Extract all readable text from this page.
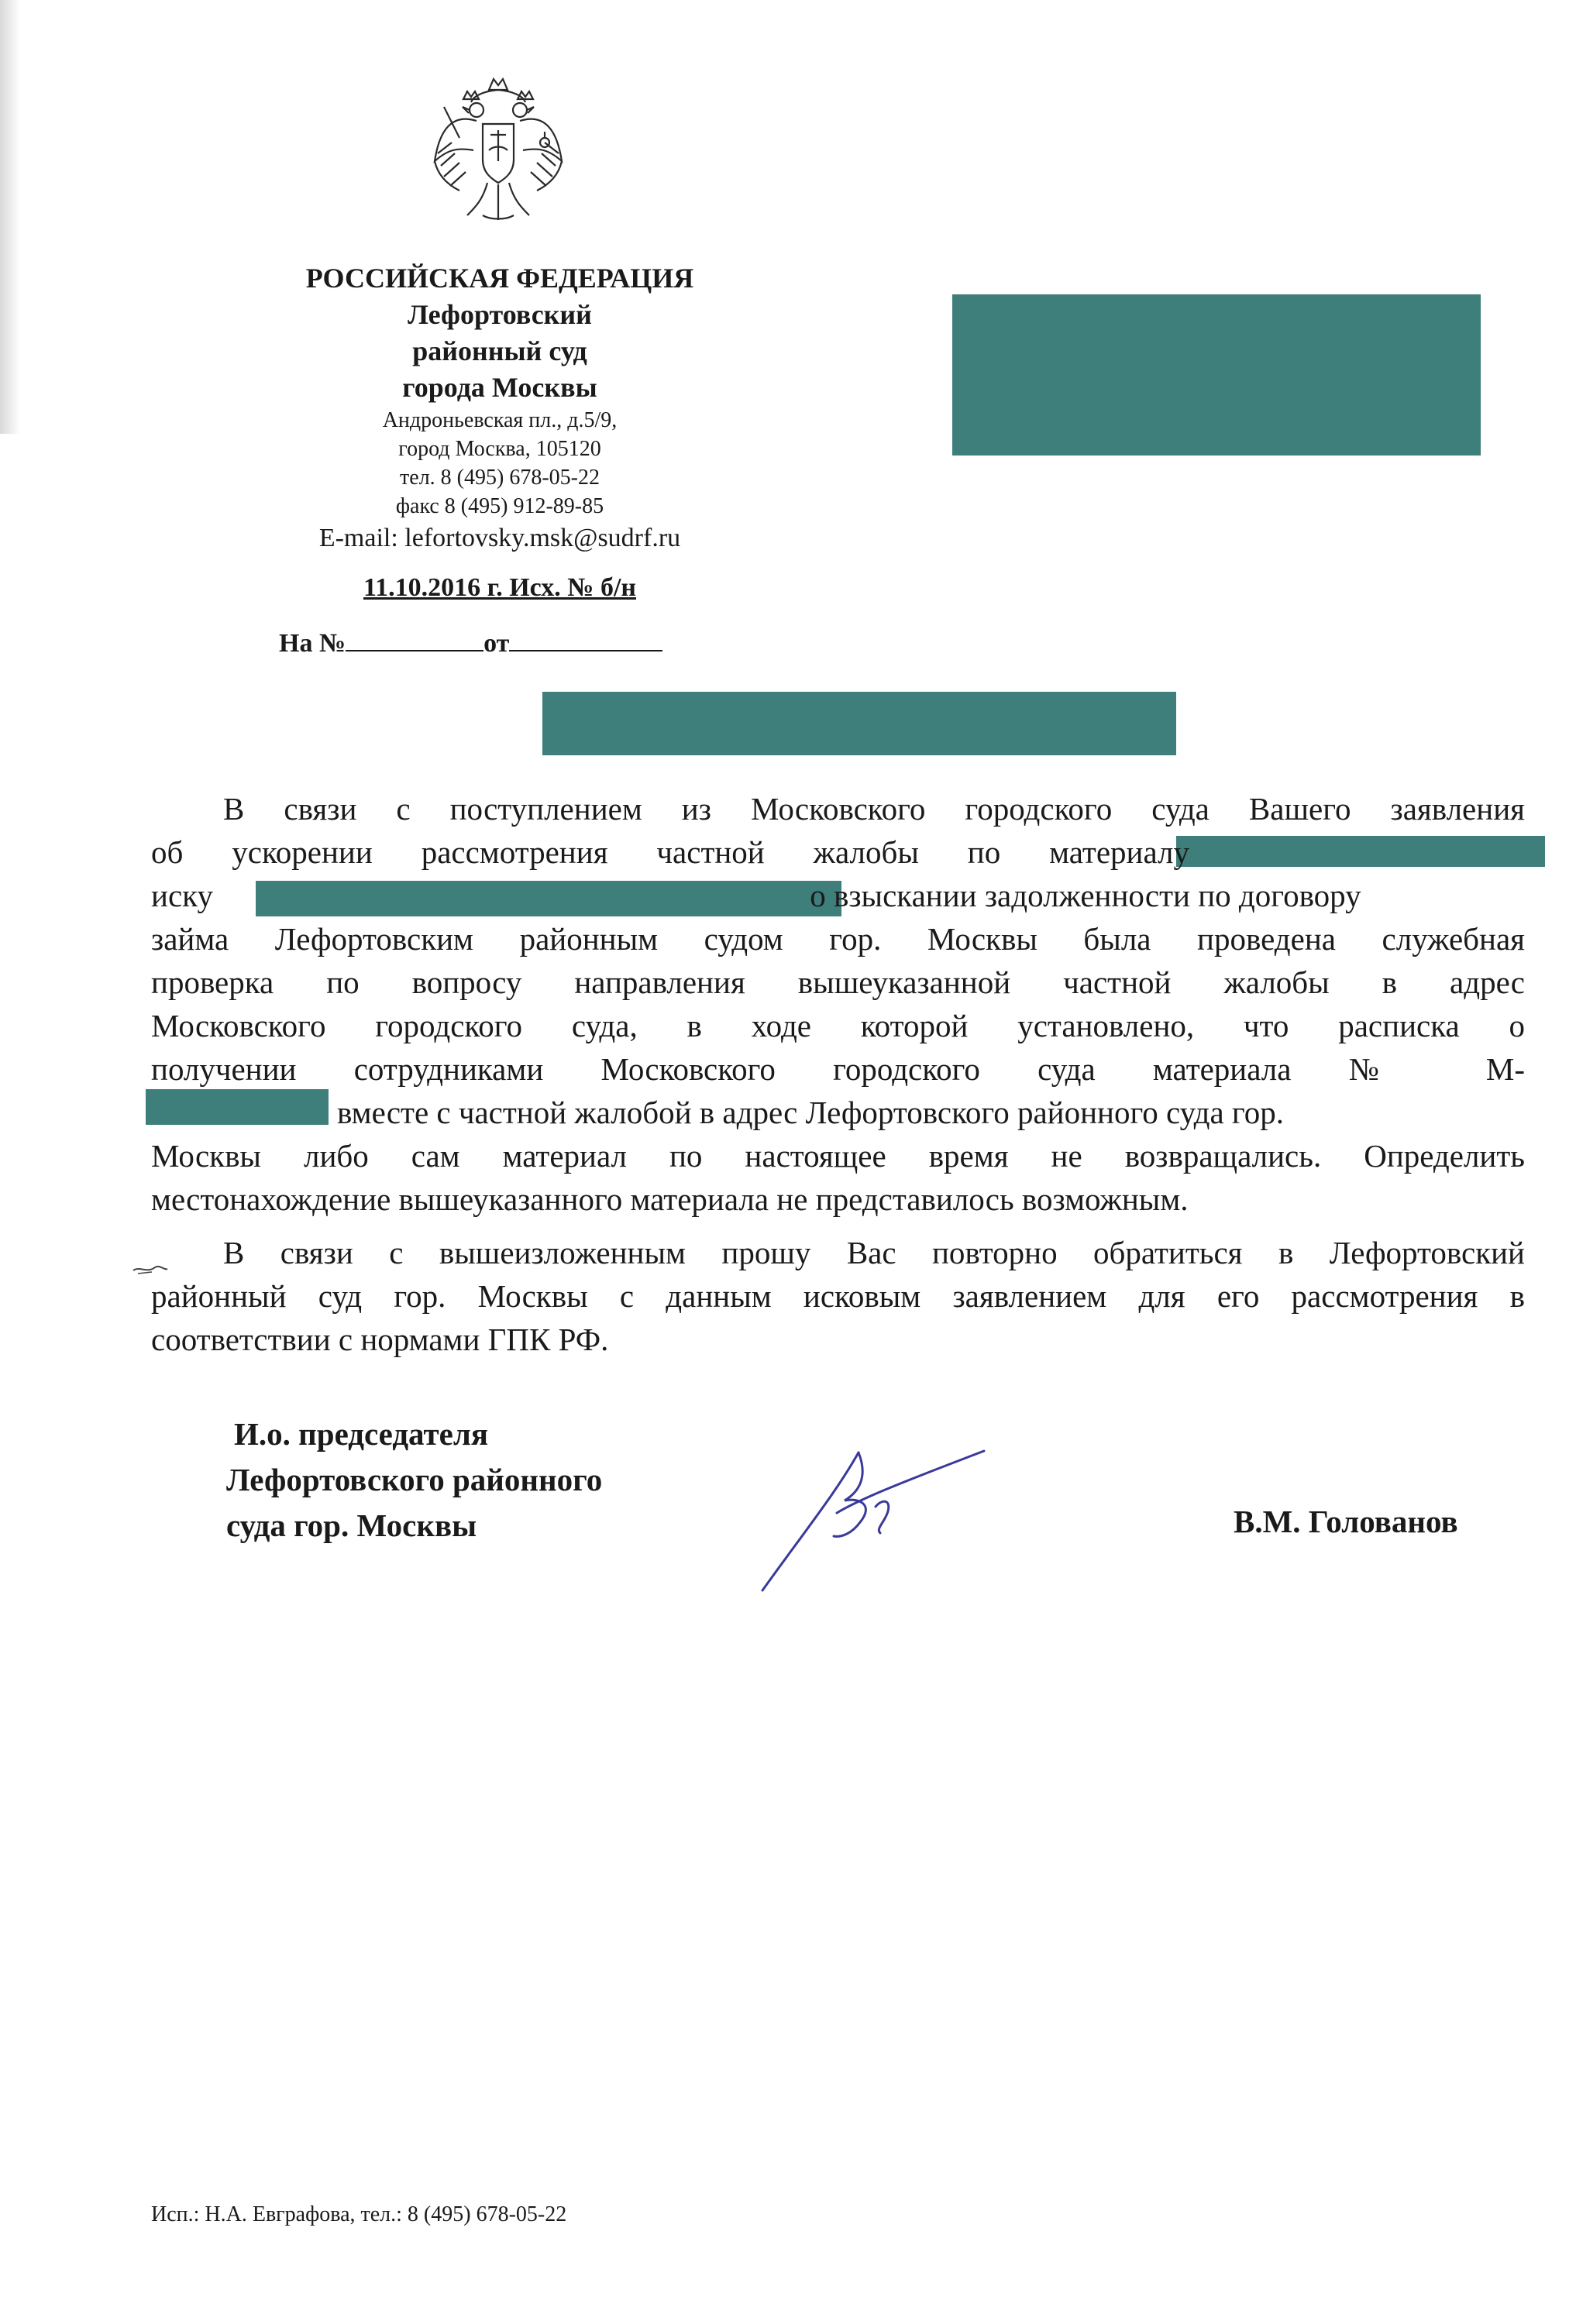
РОССИЙСКАЯ ФЕДЕРАЦИЯ
Лефортовский
районный суд
города Москвы
Андроньевская пл., д.5/9,
город Москва, 105120
тел. 8 (495) 678-05-22
факс 8 (495) 912-89-85
E-mail: lefortovsky.msk@sudrf.ru
11.10.2016 г. Исх. № б/н
На №	от
В связи с поступлением из Московского городского суда Вашего заявления
об ускорении рассмотрения частной жалобы по материалу
иску	о взыскании задолженности по договору
займа Лефортовским районным судом гор. Москвы была проведена служебная
проверка по вопросу направления вышеуказанной частной жалобы в адрес
Московского городского суда, в ходе которой установлено, что расписка о
получении сотрудниками Московского городского суда материала № М-
вместе с частной жалобой в адрес Лефортовского районного суда гор.
Москвы либо сам материал по настоящее время не возвращались. Определить
местонахождение вышеуказанного материала не представилось возможным.
В связи с вышеизложенным прошу Вас повторно обратиться в Лефортовский
районный суд гор. Москвы с данным исковым заявлением для его рассмотрения в
соответствии с нормами ГПК РФ.
И.о. председателя
Лефортовского районного
суда гор. Москвы	В.М. Голованов
Исп.: Н.А. Евграфова, тел.: 8 (495) 678-05-22
